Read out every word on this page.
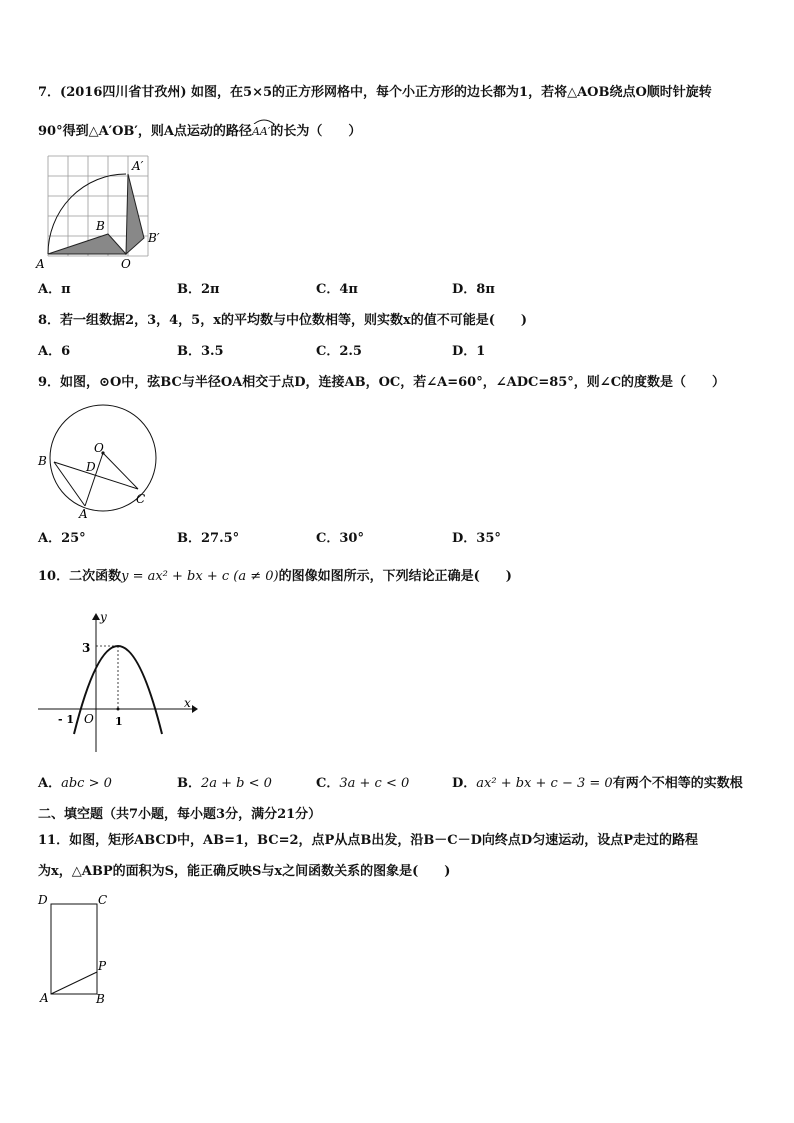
7．(2016四川省甘孜州) 如图，在5×5的正方形网格中，每个小正方形的边长都为1，若将△AOB绕点O顺时针旋转
90°得到△A′OB′，则A点运动的路径
AA′的长为（　　）
A	O
B
A′
B′
A．π	B．2π	C．4π	D．8π
8．若一组数据2，3，4，5，x的平均数与中位数相等，则实数x的值不可能是(　　)
A．6	B．3.5	C．2.5	D．1
9．如图，⊙O中，弦BC与半径OA相交于点D，连接AB，OC，若∠A=60°，∠ADC=85°，则∠C的度数是（　　）
O
B	D
A
C
A．25°	B．27.5°	C．30°	D．35°
10．二次函数y = ax² + bx + c (a ≠ 0)的图像如图所示，下列结论正确是(　　)
y
x
3
- 1 O 1
A．abc > 0	B．2a + b < 0	C．3a + c < 0	D．ax² + bx + c − 3 = 0有两个不相等的实数根
二、填空题（共7小题，每小题3分，满分21分）
11．如图，矩形ABCD中，AB=1，BC=2，点P从点B出发，沿B－C－D向终点D匀速运动，设点P走过的路程
为x，△ABP的面积为S，能正确反映S与x之间函数关系的图象是(　　)
D	C
P
A	B
